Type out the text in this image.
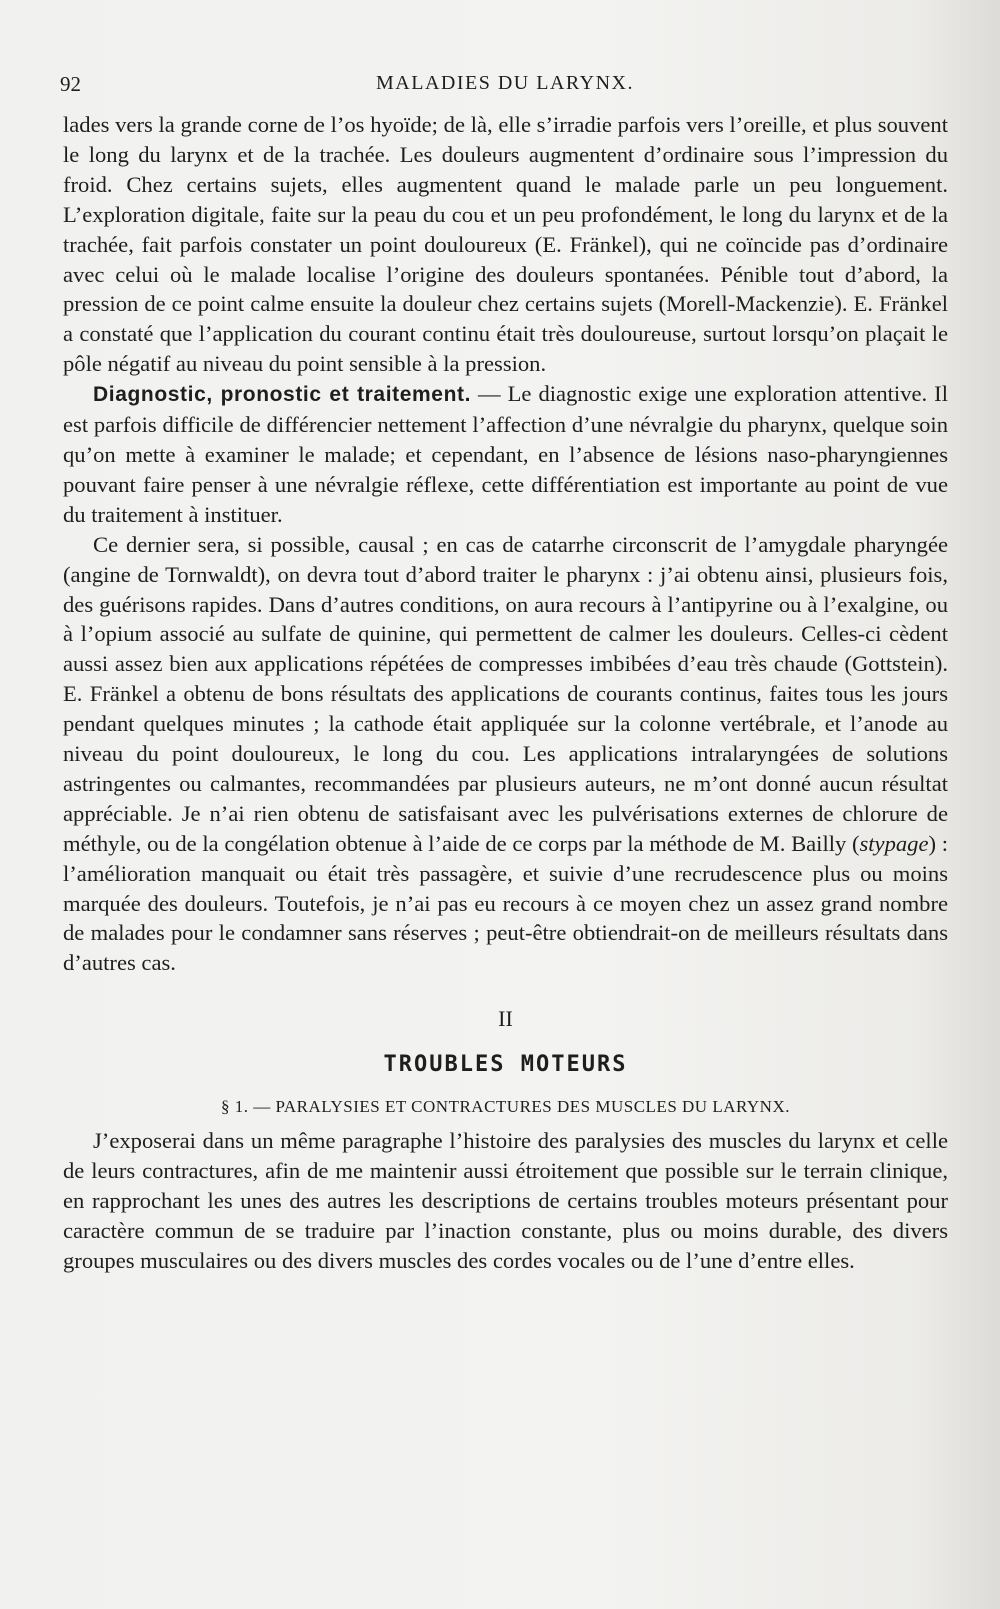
92	MALADIES DU LARYNX.

lades vers la grande corne de l’os hyoïde; de là, elle s’irradie parfois vers l’oreille, et plus souvent le long du larynx et de la trachée. Les douleurs augmentent d’ordinaire sous l’impression du froid. Chez certains sujets, elles augmentent quand le malade parle un peu longuement. L’exploration digitale, faite sur la peau du cou et un peu profondément, le long du larynx et de la trachée, fait parfois constater un point douloureux (E. Fränkel), qui ne coïncide pas d’ordinaire avec celui où le malade localise l’origine des douleurs spontanées. Pénible tout d’abord, la pression de ce point calme ensuite la douleur chez certains sujets (Morell-Mackenzie). E. Fränkel a constaté que l’application du courant continu était très douloureuse, surtout lorsqu’on plaçait le pôle négatif au niveau du point sensible à la pression.

Diagnostic, pronostic et traitement. — Le diagnostic exige une exploration attentive. Il est parfois difficile de différencier nettement l’affection d’une névralgie du pharynx, quelque soin qu’on mette à examiner le malade; et cependant, en l’absence de lésions naso-pharyngiennes pouvant faire penser à une névralgie réflexe, cette différentiation est importante au point de vue du traitement à instituer.

Ce dernier sera, si possible, causal ; en cas de catarrhe circonscrit de l’amygdale pharyngée (angine de Tornwaldt), on devra tout d’abord traiter le pharynx : j’ai obtenu ainsi, plusieurs fois, des guérisons rapides. Dans d’autres conditions, on aura recours à l’antipyrine ou à l’exalgine, ou à l’opium associé au sulfate de quinine, qui permettent de calmer les douleurs. Celles-ci cèdent aussi assez bien aux applications répétées de compresses imbibées d’eau très chaude (Gottstein). E. Fränkel a obtenu de bons résultats des applications de courants continus, faites tous les jours pendant quelques minutes ; la cathode était appliquée sur la colonne vertébrale, et l’anode au niveau du point douloureux, le long du cou. Les applications intralaryngées de solutions astringentes ou calmantes, recommandées par plusieurs auteurs, ne m’ont donné aucun résultat appréciable. Je n’ai rien obtenu de satisfaisant avec les pulvérisations externes de chlorure de méthyle, ou de la congélation obtenue à l’aide de ce corps par la méthode de M. Bailly (stypage) : l’amélioration manquait ou était très passagère, et suivie d’une recrudescence plus ou moins marquée des douleurs. Toutefois, je n’ai pas eu recours à ce moyen chez un assez grand nombre de malades pour le condamner sans réserves ; peut-être obtiendrait-on de meilleurs résultats dans d’autres cas.

II

TROUBLES MOTEURS

§ 1. — PARALYSIES ET CONTRACTURES DES MUSCLES DU LARYNX.

J’exposerai dans un même paragraphe l’histoire des paralysies des muscles du larynx et celle de leurs contractures, afin de me maintenir aussi étroitement que possible sur le terrain clinique, en rapprochant les unes des autres les descriptions de certains troubles moteurs présentant pour caractère commun de se traduire par l’inaction constante, plus ou moins durable, des divers groupes musculaires ou des divers muscles des cordes vocales ou de l’une d’entre elles.
